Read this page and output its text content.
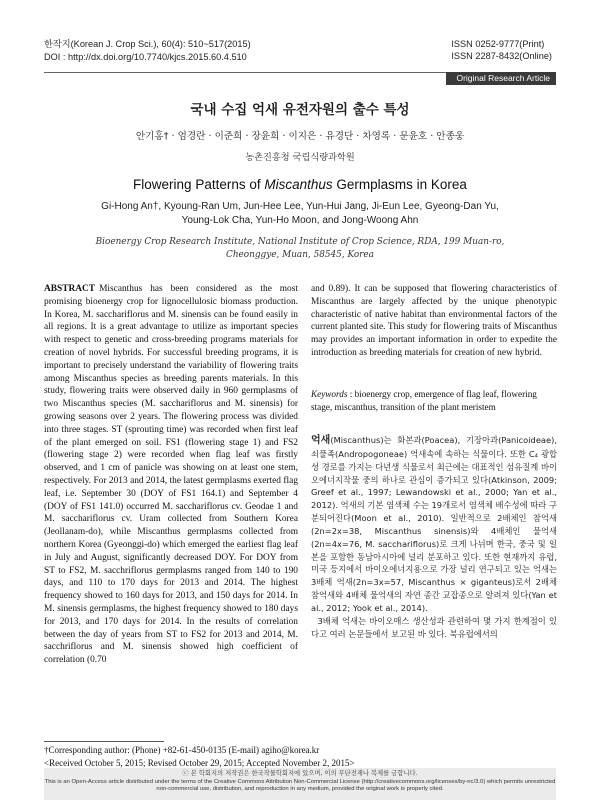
한작지(Korean J. Crop Sci.), 60(4): 510~517(2015)
DOI : http://dx.doi.org/10.7740/kjcs.2015.60.4.510
ISSN 0252-9777(Print)
ISSN 2287-8432(Online)
Original Research Article
국내 수집 억새 유전자원의 출수 특성
안기홍† · 엄경란 · 이준희 · 장윤희 · 이지은 · 유경단 · 차영록 · 문윤호 · 안종웅
농촌진흥청 국립식량과학원
Flowering Patterns of Miscanthus Germplasms in Korea
Gi-Hong An†, Kyoung-Ran Um, Jun-Hee Lee, Yun-Hui Jang, Ji-Eun Lee, Gyeong-Dan Yu,
Young-Lok Cha, Yun-Ho Moon, and Jong-Woong Ahn
Bioenergy Crop Research Institute, National Institute of Crop Science, RDA, 199 Muan-ro,
Cheonggye, Muan, 58545, Korea
ABSTRACT Miscanthus has been considered as the most promising bioenergy crop for lignocellulosic biomass production. In Korea, M. sacchariflorus and M. sinensis can be found easily in all regions. It is a great advantage to utilize as important species with respect to genetic and cross-breeding programs materials for creation of novel hybrids. For successful breeding programs, it is important to precisely understand the variability of flowering traits among Miscanthus species as breeding parents materials. In this study, flowering traits were observed daily in 960 germplasms of two Miscanthus species (M. sacchariflorus and M. sinensis) for growing seasons over 2 years. The flowering process was divided into three stages. ST (sprouting time) was recorded when first leaf of the plant emerged on soil. FS1 (flowering stage 1) and FS2 (flowering stage 2) were recorded when flag leaf was firstly observed, and 1 cm of panicle was showing on at least one stem, respectively. For 2013 and 2014, the latest germplasms exerted flag leaf, i.e. September 30 (DOY of FS1 164.1) and September 4 (DOY of FS1 141.0) occurred M. sacchariflorus cv. Geodae 1 and M. sacchariflorus cv. Uram collected from Southern Korea (Jeollanam-do), while Miscanthus germplasms collected from northern Korea (Gyeonggi-do) which emerged the earliest flag leaf in July and August, significantly decreased DOY. For DOY from ST to FS2, M. sacchriflorus germplasms ranged from 140 to 190 days, and 110 to 170 days for 2013 and 2014. The highest frequency showed to 160 days for 2013, and 150 days for 2014. In M. sinensis germplasms, the highest frequency showed to 180 days for 2013, and 170 days for 2014. In the results of correlation between the day of years from ST to FS2 for 2013 and 2014, M. sacchriflorus and M. sinensis showed high coefficient of correlation (0.70
and 0.89). It can be supposed that flowering characteristics of Miscanthus are largely affected by the unique phenotypic characteristic of native habitat than environmental factors of the current planted site. This study for flowering traits of Miscanthus may provides an important information in order to expedite the introduction as breeding materials for creation of new hybrid.
Keywords : bioenergy crop, emergence of flag leaf, flowering stage, miscanthus, transition of the plant meristem
억새(Miscanthus)는 화본과(Poacea), 기장아과(Panicoideae), 쇠풀족(Andropogoneae) 억새속에 속하는 식물이다. 또한 C₄ 광합성 경로를 가지는 다년생 식물로서 최근에는 대표적인 섬유질계 바이오에너지작물 중의 하나로 관심이 증가되고 있다(Atkinson, 2009; Greef et al., 1997; Lewandowski et al., 2000; Yan et al., 2012). 억새의 기본 염색체 수는 19개로서 염색체 배수성에 따라 구분되어진다(Moon et al., 2010). 일반적으로 2배체인 참억새(2n=2x=38, Miscanthus sinensis)와 4배체인 물억새(2n=4x=76, M. sacchariflorus)로 크게 나뉘며 한국, 중국 및 일본을 포함한 동남아시아에 널리 분포하고 있다. 또한 현재까지 유럽, 미국 등지에서 바이오에너지용으로 가장 널리 연구되고 있는 억새는 3배체 억새(2n=3x=57, Miscanthus × giganteus)로서 2배체 참억새와 4배체 물억새의 자연 종간 교잡종으로 알려져 있다(Yan et al., 2012; Yook et al., 2014).
3배체 억새는 바이오매스 생산성과 관련하여 몇 가지 한계점이 있다고 여러 논문들에서 보고된 바 있다. 북유럽에서의
†Corresponding author: (Phone) +82-61-450-0135 (E-mail) agiho@korea.kr
<Received October 5, 2015; Revised October 29, 2015; Accepted November 2, 2015>
ⓒ 본 학회지의 저작권은 한국작물학회지에 있으며, 이의 무단전재나 복제를 금합니다.
This is an Open-Access article distributed under the terms of the Creative Commons Attribution Non-Commercial License (http://creativecommons.org/licenses/by-nc/3.0) which permits unrestricted non-commercial use, distribution, and reproduction in any medium, provided the original work is properly cited.
